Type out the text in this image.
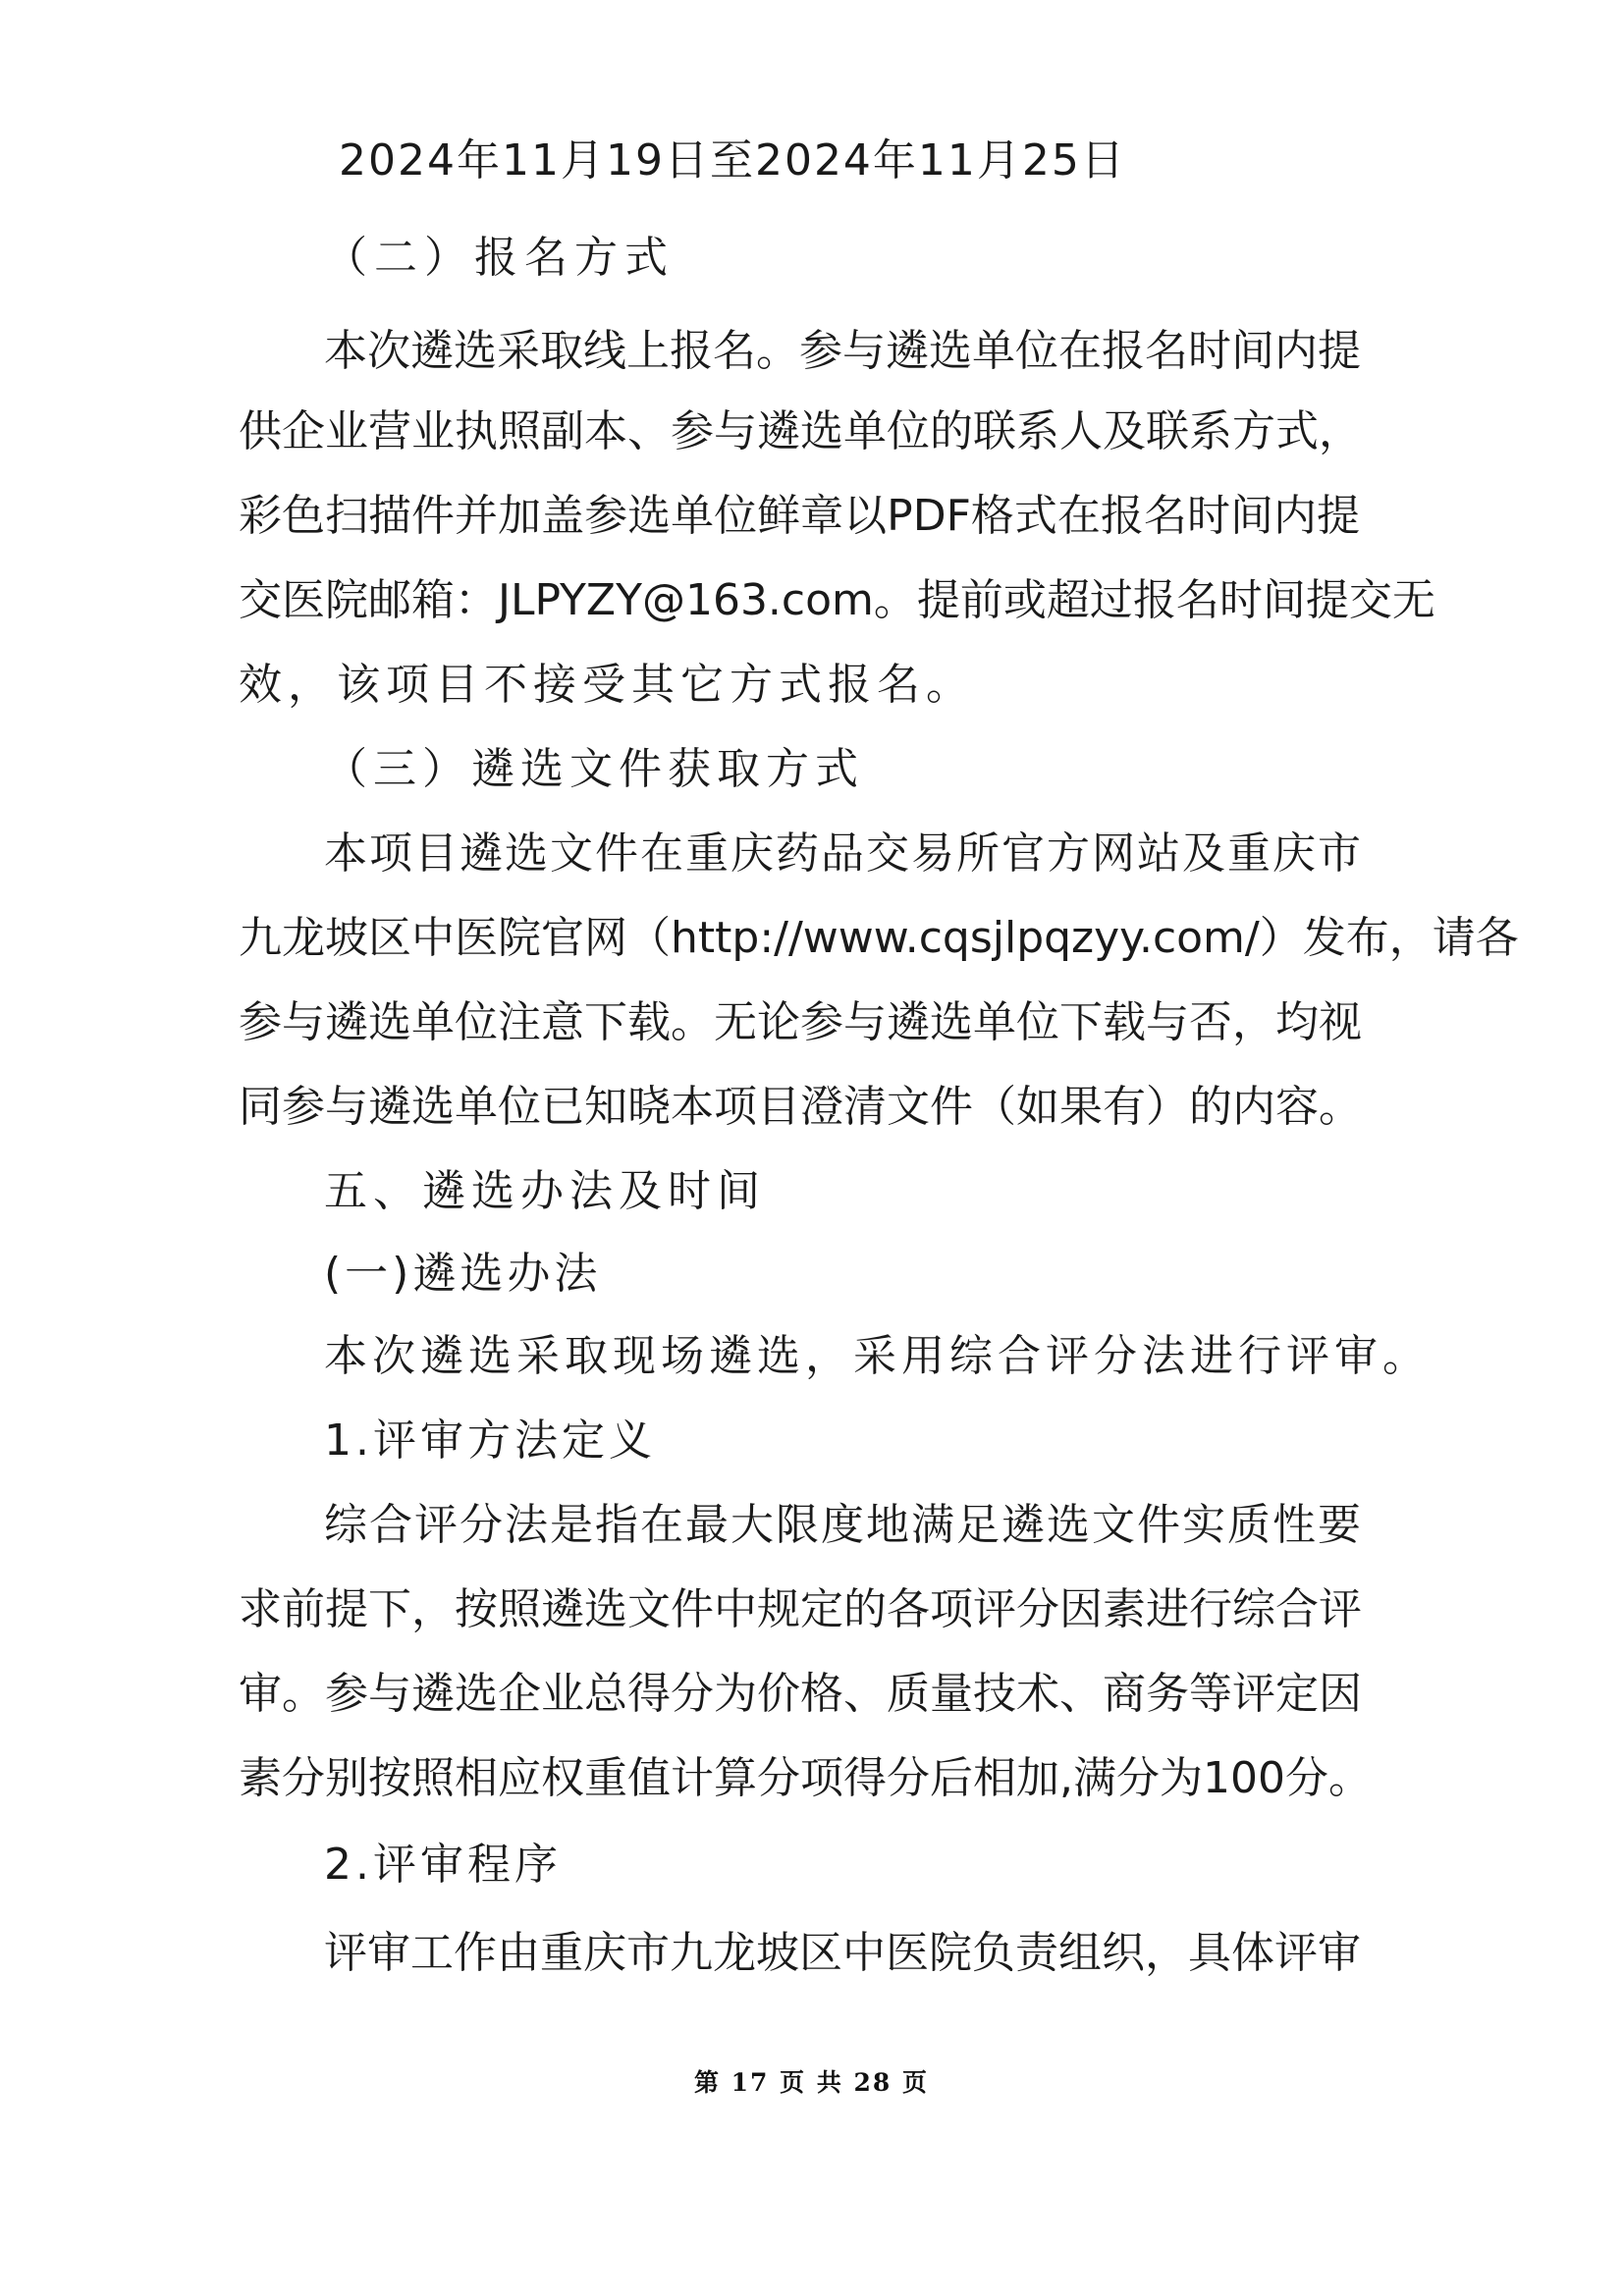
2024年11月19日至2024年11月25日
（二）报名方式
本次遴选采取线上报名。参与遴选单位在报名时间内提
供企业营业执照副本、参与遴选单位的联系人及联系方式，
彩色扫描件并加盖参选单位鲜章以PDF格式在报名时间内提
交医院邮箱：JLPYZY@163.com。提前或超过报名时间提交无
效，该项目不接受其它方式报名。
（三）遴选文件获取方式
本项目遴选文件在重庆药品交易所官方网站及重庆市
九龙坡区中医院官网（http://www.cqsjlpqzyy.com/）发布，请各
参与遴选单位注意下载。无论参与遴选单位下载与否，均视
同参与遴选单位已知晓本项目澄清文件（如果有）的内容。
五、遴选办法及时间
(一)遴选办法
本次遴选采取现场遴选，采用综合评分法进行评审。
1.评审方法定义
综合评分法是指在最大限度地满足遴选文件实质性要
求前提下，按照遴选文件中规定的各项评分因素进行综合评
审。参与遴选企业总得分为价格、质量技术、商务等评定因
素分别按照相应权重值计算分项得分后相加,满分为100分。
2.评审程序
评审工作由重庆市九龙坡区中医院负责组织，具体评审
第 17 页 共 28 页
